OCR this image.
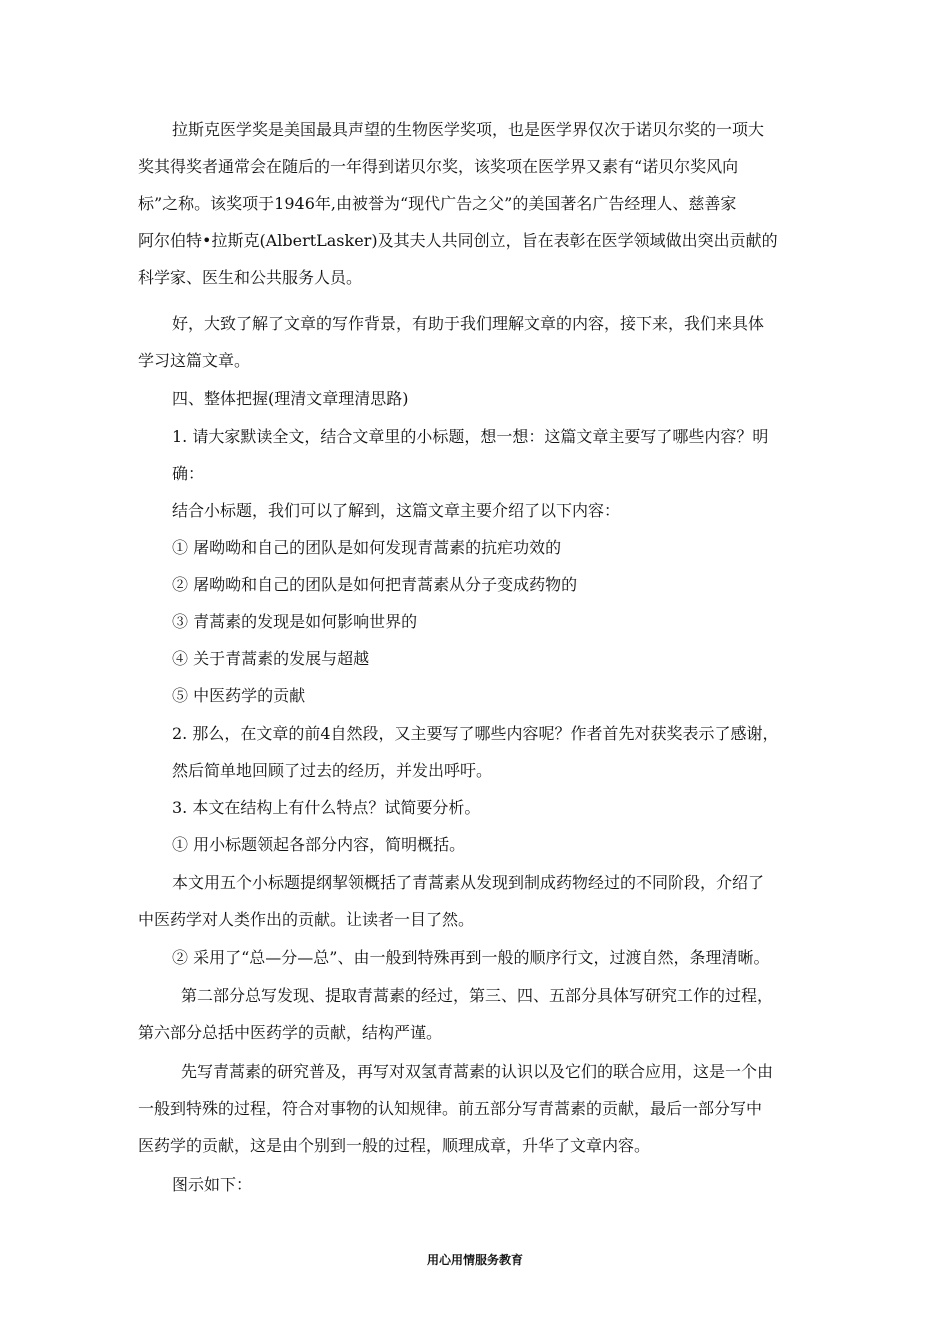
拉斯克医学奖是美国最具声望的生物医学奖项，也是医学界仅次于诺贝尔奖的一项大

奖其得奖者通常会在随后的一年得到诺贝尔奖，该奖项在医学界又素有“诺贝尔奖风向

标”之称。该奖项于1946年,由被誉为“现代广告之父”的美国著名广告经理人、慈善家

阿尔伯特•拉斯克(AlbertLasker)及其夫人共同创立，旨在表彰在医学领域做出突出贡献的

科学家、医生和公共服务人员。

好，大致了解了文章的写作背景，有助于我们理解文章的内容，接下来，我们来具体

学习这篇文章。

四、整体把握(理清文章理清思路)

1. 请大家默读全文，结合文章里的小标题，想一想：这篇文章主要写了哪些内容？明

确：

结合小标题，我们可以了解到，这篇文章主要介绍了以下内容：

① 屠呦呦和自己的团队是如何发现青蒿素的抗疟功效的

② 屠呦呦和自己的团队是如何把青蒿素从分子变成药物的

③ 青蒿素的发现是如何影响世界的

④ 关于青蒿素的发展与超越

⑤ 中医药学的贡献

2. 那么，在文章的前4自然段，又主要写了哪些内容呢？作者首先对获奖表示了感谢，

然后简单地回顾了过去的经历，并发出呼吁。

3. 本文在结构上有什么特点？试简要分析。

① 用小标题领起各部分内容，简明概括。

本文用五个小标题提纲挈领概括了青蒿素从发现到制成药物经过的不同阶段，介绍了

中医药学对人类作出的贡献。让读者一目了然。

② 采用了“总—分—总”、由一般到特殊再到一般的顺序行文，过渡自然，条理清晰。

第二部分总写发现、提取青蒿素的经过，第三、四、五部分具体写研究工作的过程，

第六部分总括中医药学的贡献，结构严谨。

先写青蒿素的研究普及，再写对双氢青蒿素的认识以及它们的联合应用，这是一个由

一般到特殊的过程，符合对事物的认知规律。前五部分写青蒿素的贡献，最后一部分写中

医药学的贡献，这是由个别到一般的过程，顺理成章，升华了文章内容。

图示如下：

用心用情服务教育
